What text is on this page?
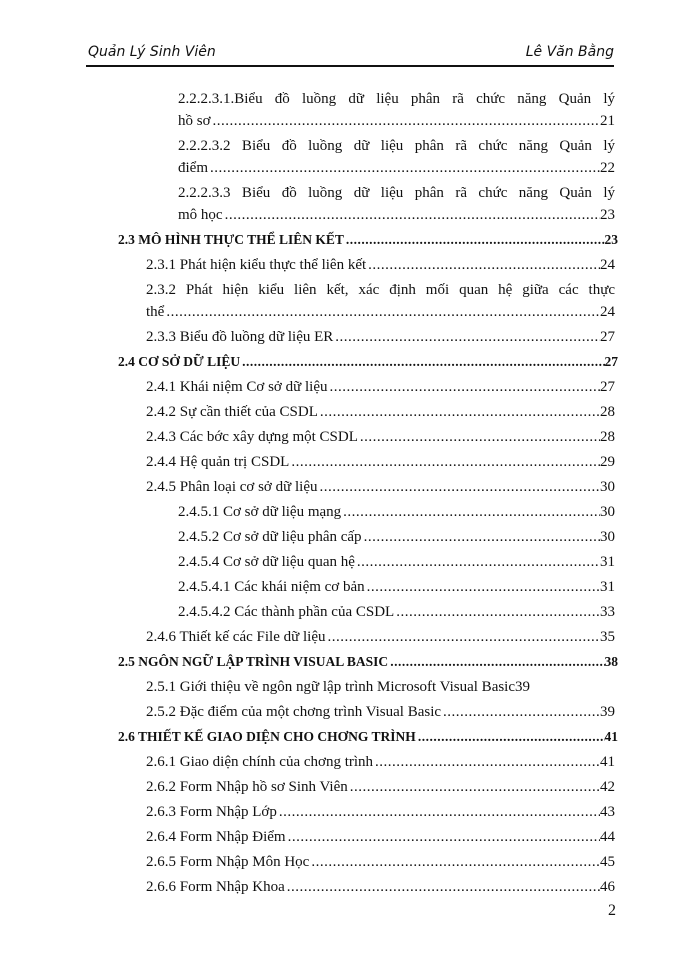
Quản Lý Sinh Viên	Lê Văn Bằng
2.2.2.3.1.Biểu đồ luồng dữ liệu phân rã chức năng Quản lý
hồ sơ .....	21
2.2.2.3.2 Biểu đồ luồng dữ liệu phân rã chức năng Quản lý
điểm .....	22
2.2.2.3.3 Biểu đồ luồng dữ liệu phân rã chức năng Quản lý
mô học .....	23
2.3 MÔ HÌNH THỰC THỂ LIÊN KẾT .....	23
2.3.1 Phát hiện kiểu thực thể liên kết .....	24
2.3.2 Phát hiện kiểu liên kết, xác định mối quan hệ giữa các thực
thể .....	24
2.3.3 Biểu đồ luồng dữ liệu ER .....	27
2.4 CƠ SỞ DỮ LIỆU .....	27
2.4.1 Khái niệm Cơ sở dữ liệu .....	27
2.4.2 Sự cần thiết của CSDL .....	28
2.4.3 Các bớc xây dựng một CSDL .....	28
2.4.4 Hệ quản trị CSDL .....	29
2.4.5 Phân loại cơ sở dữ liệu .....	30
2.4.5.1 Cơ sở dữ liệu mạng .....	30
2.4.5.2 Cơ sở dữ liệu phân cấp .....	30
2.4.5.4 Cơ sở dữ liệu quan hệ .....	31
2.4.5.4.1 Các khái niệm cơ bản .....	31
2.4.5.4.2 Các thành phần của CSDL .....	33
2.4.6 Thiết kế các File dữ liệu .....	35
2.5 NGÔN NGỮ LẬP TRÌNH VISUAL BASIC .....	38
2.5.1 Giới thiệu về ngôn ngữ lập trình Microsoft Visual Basic 39
2.5.2 Đặc điểm của một chơng trình Visual Basic .....	39
2.6 THIẾT KẾ GIAO DIỆN CHO CHƠNG TRÌNH .....	41
2.6.1 Giao diện chính của chơng trình .....	41
2.6.2 Form Nhập hồ sơ Sinh Viên .....	42
2.6.3 Form Nhập Lớp .....	43
2.6.4 Form Nhập Điểm .....	44
2.6.5 Form Nhập Môn Học .....	45
2.6.6 Form Nhập Khoa .....	46
2
